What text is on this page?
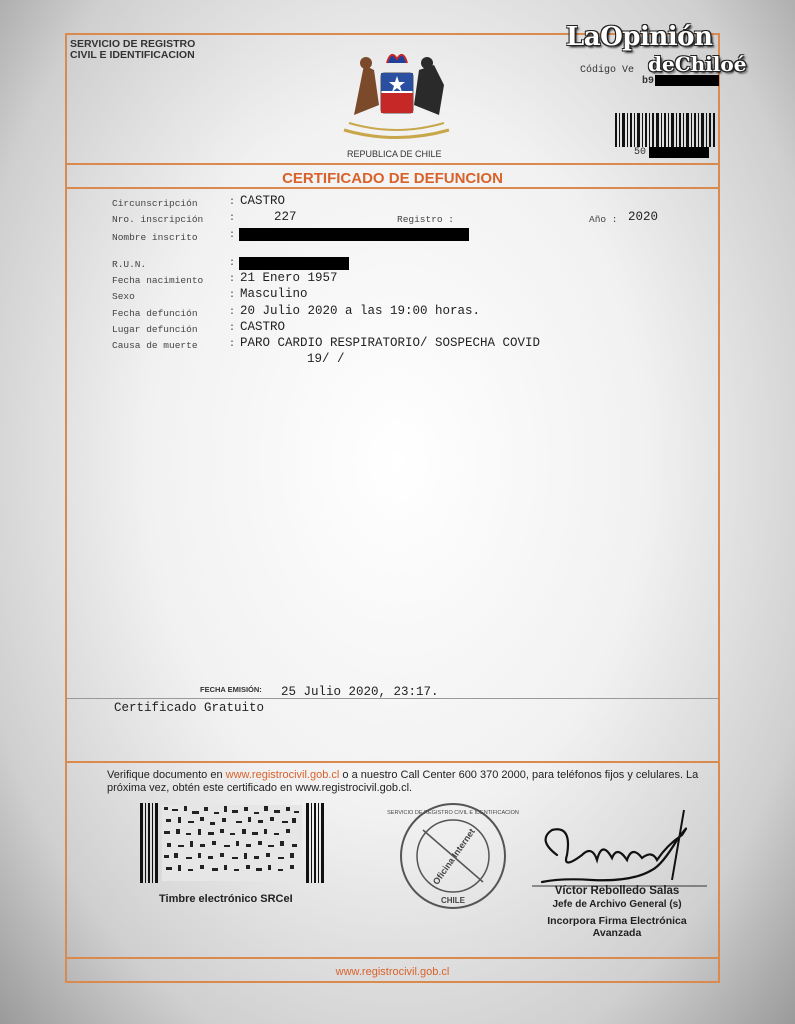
SERVICIO DE REGISTRO
CIVIL E IDENTIFICACION
REPUBLICA DE CHILE
Código Ve
b9
50
CERTIFICADO DE DEFUNCION
Circunscripción	: CASTRO
Nro. inscripción	:	227	Registro :	Año : 2020
Nombre inscrito	:
R.U.N.	:
Fecha nacimiento	: 21 Enero 1957
Sexo	: Masculino
Fecha defunción	: 20 Julio 2020 a las 19:00 horas.
Lugar defunción	: CASTRO
Causa de muerte	: PARO CARDIO RESPIRATORIO/ SOSPECHA COVID
19/ /
FECHA EMISIÓN: 25 Julio 2020, 23:17.
Certificado Gratuito
Verifique documento en www.registrocivil.gob.cl o a nuestro Call Center 600 370 2000, para teléfonos fijos y celulares. La próxima vez, obtén este certificado en www.registrocivil.gob.cl.
Timbre electrónico SRCeI
Oficina Internet
CHILE
SERVICIO DE REGISTRO CIVIL E IDENTIFICACION
Víctor Rebolledo Salas
Jefe de Archivo General (s)
Incorpora Firma Electrónica
Avanzada
www.registrocivil.gob.cl
LaOpinión
deChiloé
